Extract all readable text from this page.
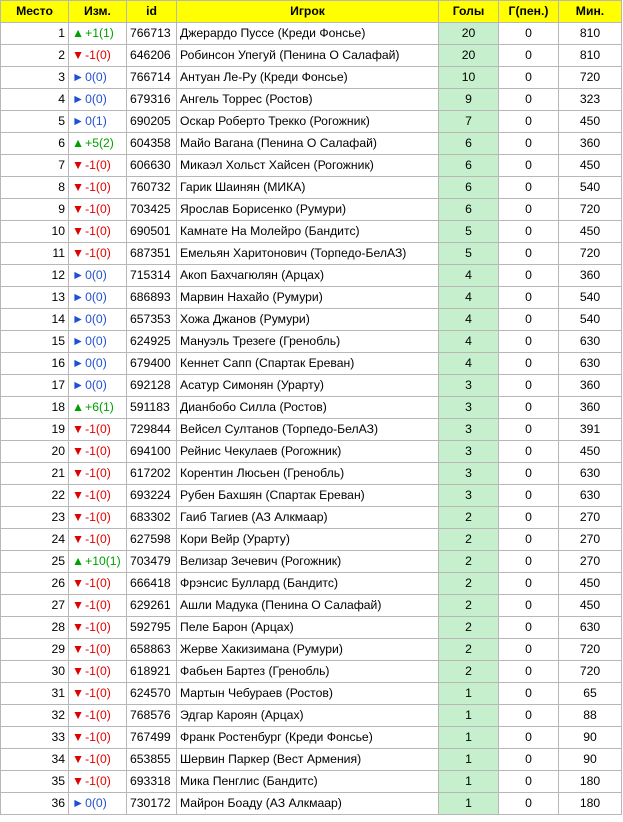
Место	Изм.	id	Игрок	Голы	Г(пен.)	Мин.
1	▲+1(1)	766713	Джерардо Пуссе (Креди Фонсье)	20	0	810
2	▼-1(0)	646206	Робинсон Упегуй (Пенина О Салафай)	20	0	810
3	►0(0)	766714	Антуан Ле-Ру (Креди Фонсье)	10	0	720
4	►0(0)	679316	Ангель Торрес (Ростов)	9	0	323
5	►0(1)	690205	Оскар Роберто Трекко (Рогожник)	7	0	450
6	▲+5(2)	604358	Майо Вагана (Пенина О Салафай)	6	0	360
7	▼-1(0)	606630	Микаэл Хольст Хайсен (Рогожник)	6	0	450
8	▼-1(0)	760732	Гарик Шаинян (МИКА)	6	0	540
9	▼-1(0)	703425	Ярослав Борисенко (Румури)	6	0	720
10	▼-1(0)	690501	Камнате На Молейро (Бандитс)	5	0	450
11	▼-1(0)	687351	Емельян Харитонович (Торпедо-БелАЗ)	5	0	720
12	►0(0)	715314	Акоп Бахчагюлян (Арцах)	4	0	360
13	►0(0)	686893	Марвин Нахайо (Румури)	4	0	540
14	►0(0)	657353	Хожа Джанов (Румури)	4	0	540
15	►0(0)	624925	Мануэль Трезеге (Гренобль)	4	0	630
16	►0(0)	679400	Кеннет Сапп (Спартак Ереван)	4	0	630
17	►0(0)	692128	Асатур Симонян (Урарту)	3	0	360
18	▲+6(1)	591183	Дианбобо Силла (Ростов)	3	0	360
19	▼-1(0)	729844	Вейсел Султанов (Торпедо-БелАЗ)	3	0	391
20	▼-1(0)	694100	Рейнис Чекулаев (Рогожник)	3	0	450
21	▼-1(0)	617202	Корентин Люсьен (Гренобль)	3	0	630
22	▼-1(0)	693224	Рубен Бахшян (Спартак Ереван)	3	0	630
23	▼-1(0)	683302	Гаиб Тагиев (АЗ Алкмаар)	2	0	270
24	▼-1(0)	627598	Кори Вейр (Урарту)	2	0	270
25	▲+10(1)	703479	Велизар Зечевич (Рогожник)	2	0	270
26	▼-1(0)	666418	Фрэнсис Буллард (Бандитс)	2	0	450
27	▼-1(0)	629261	Ашли Мадука (Пенина О Салафай)	2	0	450
28	▼-1(0)	592795	Пеле Барон (Арцах)	2	0	630
29	▼-1(0)	658863	Жерве Хакизимана (Румури)	2	0	720
30	▼-1(0)	618921	Фабьен Бартез (Гренобль)	2	0	720
31	▼-1(0)	624570	Мартын Чебураев (Ростов)	1	0	65
32	▼-1(0)	768576	Эдгар Кароян (Арцах)	1	0	88
33	▼-1(0)	767499	Франк Ростенбург (Креди Фонсье)	1	0	90
34	▼-1(0)	653855	Шервин Паркер (Вест Армения)	1	0	90
35	▼-1(0)	693318	Мика Пенглис (Бандитс)	1	0	180
36	►0(0)	730172	Майрон Боаду (АЗ Алкмаар)	1	0	180
